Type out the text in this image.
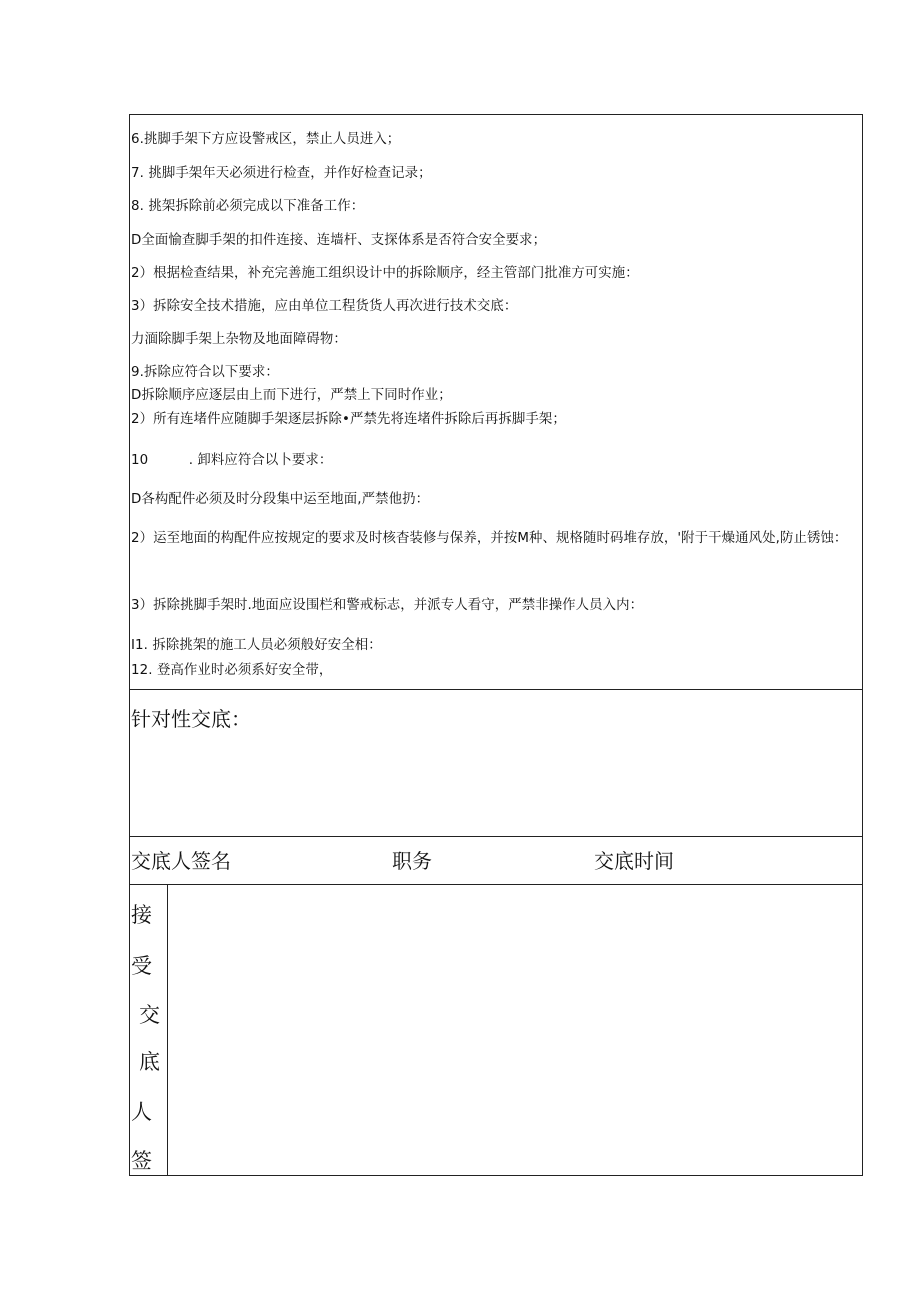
6.挑脚手架下方应设警戒区，禁止人员进入；
7. 挑脚手架年天必须进行检查，并作好检查记录；
8. 挑架拆除前必须完成以下准备工作：
D全面愉查脚手架的扣件连接、连墙杆、支探体系是否符合安全要求；
2）根据检查结果，补充完善施工组织设计中的拆除顺序，经主管部门批准方可实施：
3）拆除安全技术措施，应由单位工程货货人再次进行技术交底：
力湎除脚手架上杂物及地面障碍物：
9.拆除应符合以下要求：
D拆除顺序应逐层由上而下进行，严禁上下同时作业；
2）所有连堵件应随脚手架逐层拆除•严禁先将连堵件拆除后再拆脚手架；
10　　　. 卸料应符合以卜要求：
D各构配件必须及时分段集中运至地面,严禁他扔：
2）运至地面的构配件应按规定的要求及时核杳装修与保养，并按M种、规格随时码堆存放，'附于干燥通风处,防止锈蚀：
3）拆除挑脚手架时.地面应设围栏和警戒标志，并派专人看守，严禁非操作人员入内：
I1. 拆除挑架的施工人员必须般好安全相：
12. 登高作业时必须系好安全带，
针对性交底：
交底人签名	职务	交底时间
接
受
交
底
人
签
